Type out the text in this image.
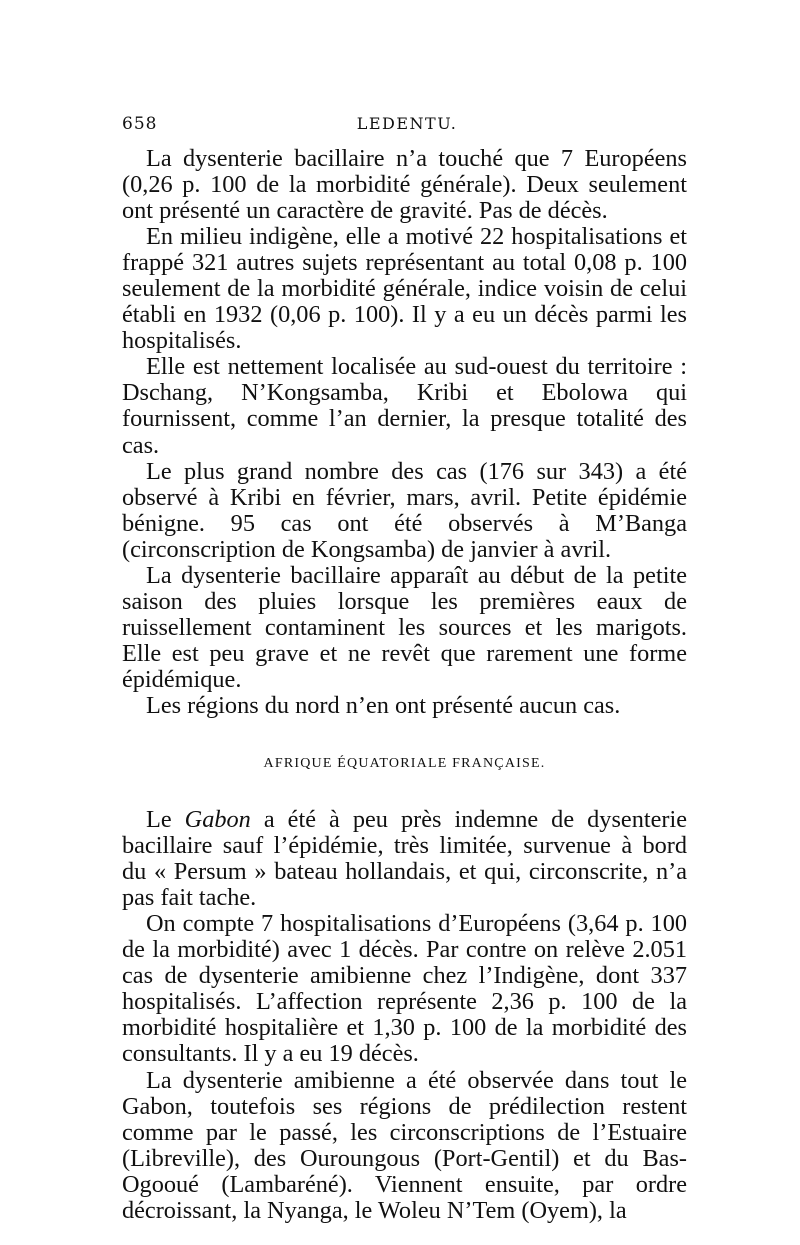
658	LEDENTU.

La dysenterie bacillaire n’a touché que 7 Européens (0,26 p. 100 de la morbidité générale). Deux seulement ont présenté un caractère de gravité. Pas de décès.

En milieu indigène, elle a motivé 22 hospitalisations et frappé 321 autres sujets représentant au total 0,08 p. 100 seulement de la morbidité générale, indice voisin de celui établi en 1932 (0,06 p. 100). Il y a eu un décès parmi les hospitalisés.

Elle est nettement localisée au sud-ouest du territoire : Dschang, N’Kongsamba, Kribi et Ebolowa qui fournissent, comme l’an dernier, la presque totalité des cas.

Le plus grand nombre des cas (176 sur 343) a été observé à Kribi en février, mars, avril. Petite épidémie bénigne. 95 cas ont été observés à M’Banga (circonscription de Kongsamba) de janvier à avril.

La dysenterie bacillaire apparaît au début de la petite saison des pluies lorsque les premières eaux de ruissellement contaminent les sources et les marigots. Elle est peu grave et ne revêt que rarement une forme épidémique.

Les régions du nord n’en ont présenté aucun cas.

AFRIQUE ÉQUATORIALE FRANÇAISE.

Le Gabon a été à peu près indemne de dysenterie bacillaire sauf l’épidémie, très limitée, survenue à bord du « Persum » bateau hollandais, et qui, circonscrite, n’a pas fait tache.

On compte 7 hospitalisations d’Européens (3,64 p. 100 de la morbidité) avec 1 décès. Par contre on relève 2.051 cas de dysenterie amibienne chez l’Indigène, dont 337 hospitalisés. L’affection représente 2,36 p. 100 de la morbidité hospitalière et 1,30 p. 100 de la morbidité des consultants. Il y a eu 19 décès.

La dysenterie amibienne a été observée dans tout le Gabon, toutefois ses régions de prédilection restent comme par le passé, les circonscriptions de l’Estuaire (Libreville), des Ouroungous (Port-Gentil) et du Bas-Ogooué (Lambaréné). Viennent ensuite, par ordre décroissant, la Nyanga, le Woleu N’Tem (Oyem), la
